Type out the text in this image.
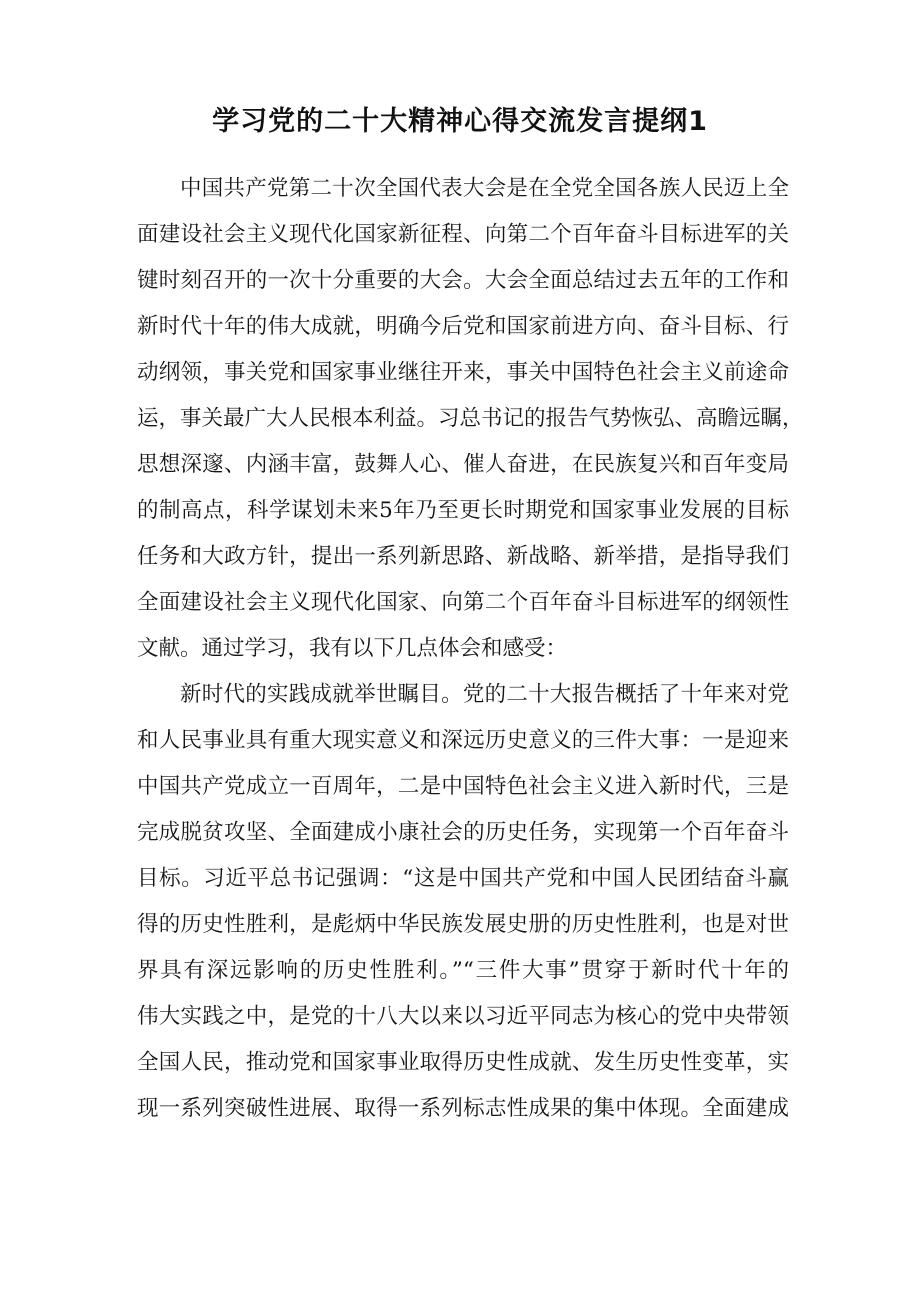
学习党的二十大精神心得交流发言提纲1
中国共产党第二十次全国代表大会是在全党全国各族人民迈上全
面建设社会主义现代化国家新征程、向第二个百年奋斗目标进军的关
键时刻召开的一次十分重要的大会。大会全面总结过去五年的工作和
新时代十年的伟大成就，明确今后党和国家前进方向、奋斗目标、行
动纲领，事关党和国家事业继往开来，事关中国特色社会主义前途命
运，事关最广大人民根本利益。习总书记的报告气势恢弘、高瞻远瞩，
思想深邃、内涵丰富，鼓舞人心、催人奋进，在民族复兴和百年变局
的制高点，科学谋划未来5年乃至更长时期党和国家事业发展的目标
任务和大政方针，提出一系列新思路、新战略、新举措，是指导我们
全面建设社会主义现代化国家、向第二个百年奋斗目标进军的纲领性
文献。通过学习，我有以下几点体会和感受：
新时代的实践成就举世瞩目。党的二十大报告概括了十年来对党
和人民事业具有重大现实意义和深远历史意义的三件大事：一是迎来
中国共产党成立一百周年，二是中国特色社会主义进入新时代，三是
完成脱贫攻坚、全面建成小康社会的历史任务，实现第一个百年奋斗
目标。习近平总书记强调：“这是中国共产党和中国人民团结奋斗赢
得的历史性胜利，是彪炳中华民族发展史册的历史性胜利，也是对世
界具有深远影响的历史性胜利。”“三件大事”贯穿于新时代十年的
伟大实践之中，是党的十八大以来以习近平同志为核心的党中央带领
全国人民，推动党和国家事业取得历史性成就、发生历史性变革，实
现一系列突破性进展、取得一系列标志性成果的集中体现。全面建成
